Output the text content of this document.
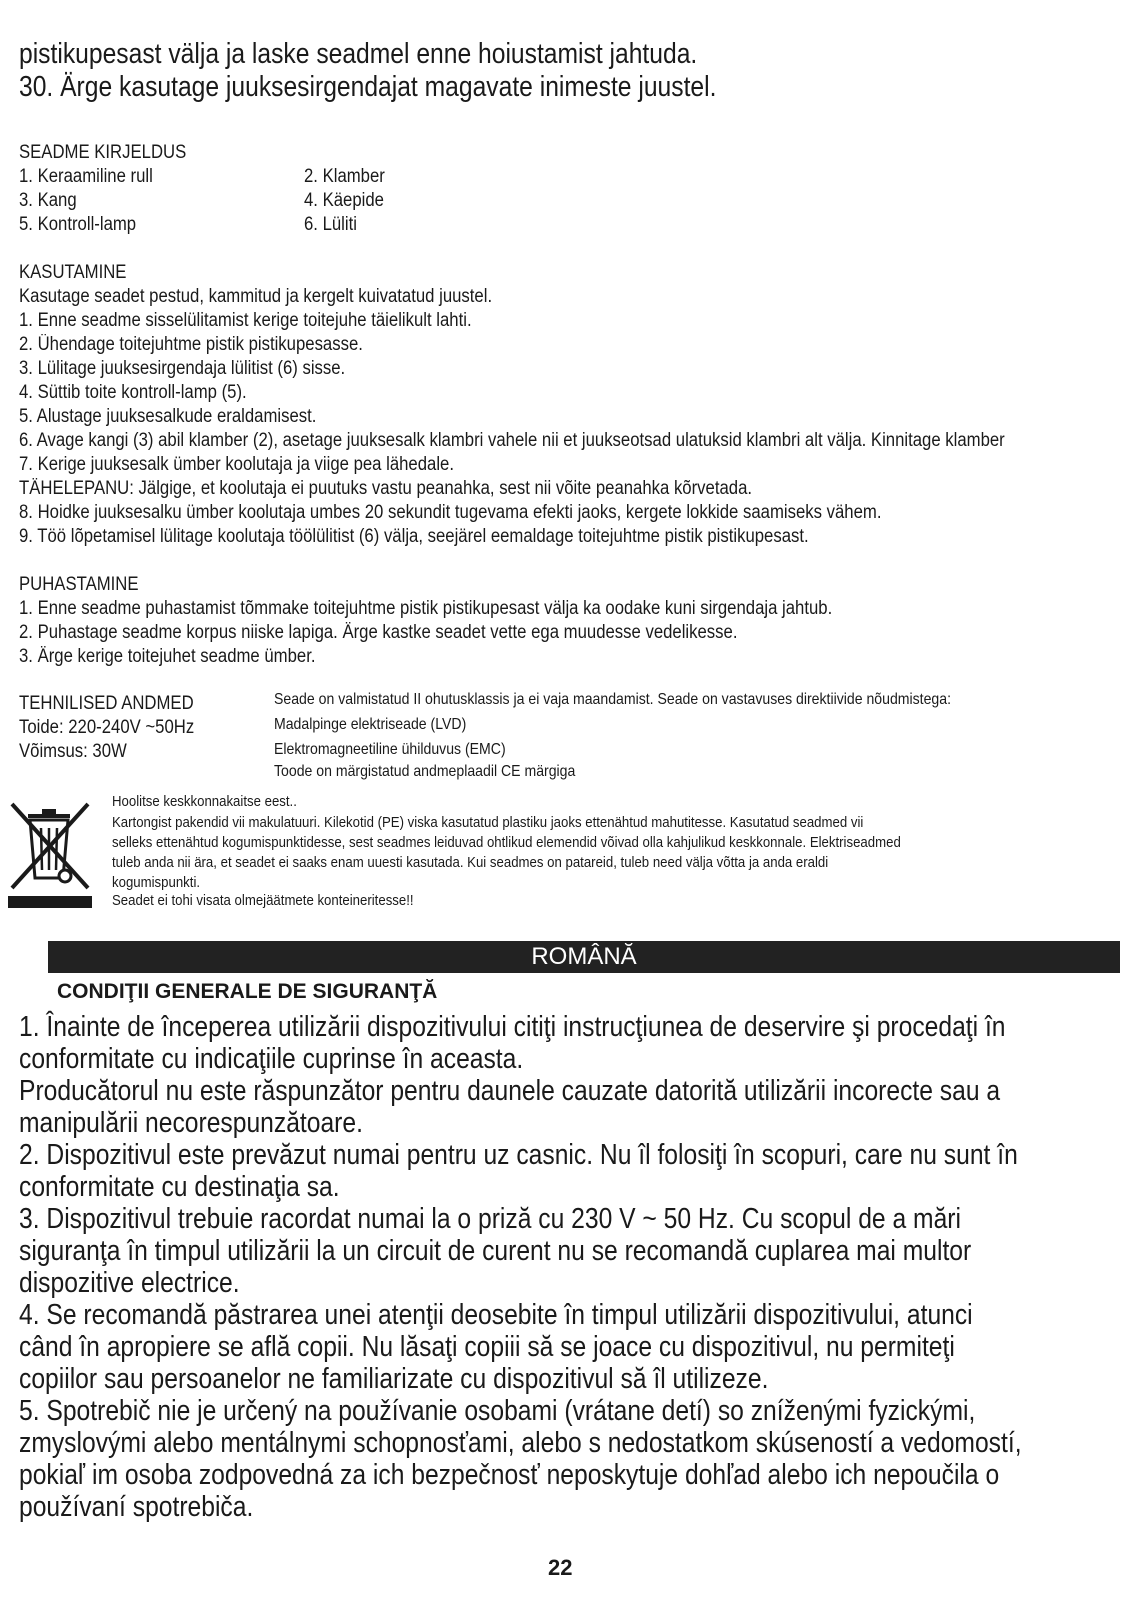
pistikupesast välja ja laske seadmel enne hoiustamist jahtuda.
30. Ärge kasutage juuksesirgendajat magavate inimeste juustel.
SEADME KIRJELDUS
1. Keraamiline rull
3. Kang
5. Kontroll-lamp
2. Klamber
4. Käepide
6. Lüliti
KASUTAMINE
Kasutage seadet pestud, kammitud ja kergelt kuivatatud juustel.
1. Enne seadme sisselülitamist kerige toitejuhe täielikult lahti.
2. Ühendage toitejuhtme pistik pistikupesasse.
3. Lülitage juuksesirgendaja lülitist (6) sisse.
4. Süttib toite kontroll-lamp (5).
5. Alustage juuksesalkude eraldamisest.
6. Avage kangi (3) abil klamber (2), asetage juuksesalk klambri vahele nii et juukseotsad ulatuksid klambri alt välja. Kinnitage klamber
7. Kerige juuksesalk ümber koolutaja ja viige pea lähedale.
TÄHELEPANU: Jälgige, et koolutaja ei puutuks vastu peanahka, sest nii võite peanahka kõrvetada.
8. Hoidke juuksesalku ümber koolutaja umbes 20 sekundit tugevama efekti jaoks, kergete lokkide saamiseks vähem.
9. Töö lõpetamisel lülitage koolutaja töölülitist (6) välja, seejärel eemaldage toitejuhtme pistik pistikupesast.
PUHASTAMINE
1. Enne seadme puhastamist tõmmake toitejuhtme pistik pistikupesast välja ka oodake kuni sirgendaja jahtub.
2. Puhastage seadme korpus niiske lapiga. Ärge kastke seadet vette ega muudesse vedelikesse.
3. Ärge kerige toitejuhet seadme ümber.
TEHNILISED ANDMED
Toide: 220-240V ~50Hz
Võimsus: 30W
Seade on valmistatud II ohutusklassis ja ei vaja maandamist. Seade on vastavuses direktiivide nõudmistega:
Madalpinge elektriseade (LVD)
Elektromagneetiline ühilduvus (EMC)
Toode on märgistatud andmeplaadil CE märgiga
Hoolitse keskkonnakaitse eest..
Kartongist pakendid vii makulatuuri. Kilekotid (PE) viska kasutatud plastiku jaoks ettenähtud mahutitesse. Kasutatud seadmed vii
selleks ettenähtud kogumispunktidesse, sest seadmes leiduvad ohtlikud elemendid võivad olla kahjulikud keskkonnale. Elektriseadmed
tuleb anda nii ära, et seadet ei saaks enam uuesti kasutada. Kui seadmes on patareid, tuleb need välja võtta ja anda eraldi
kogumispunkti.
Seadet ei tohi visata olmejäätmete konteineritesse!!
ROMÂNĂ
CONDIŢII GENERALE DE SIGURANŢĂ
1. Înainte de începerea utilizării dispozitivului citiţi instrucţiunea de deservire şi procedaţi în
conformitate cu indicaţiile cuprinse în aceasta.
Producătorul nu este răspunzător pentru daunele cauzate datorită utilizării incorecte sau a
manipulării necorespunzătoare.
2. Dispozitivul este prevăzut numai pentru uz casnic. Nu îl folosiţi în scopuri, care nu sunt în
conformitate cu destinaţia sa.
3. Dispozitivul trebuie racordat numai la o priză cu 230 V ~ 50 Hz. Cu scopul de a mări
siguranţa în timpul utilizării la un circuit de curent nu se recomandă cuplarea mai multor
dispozitive electrice.
4. Se recomandă păstrarea unei atenţii deosebite în timpul utilizării dispozitivului, atunci
când în apropiere se află copii. Nu lăsaţi copiii să se joace cu dispozitivul, nu permiteţi
copiilor sau persoanelor ne familiarizate cu dispozitivul să îl utilizeze.
5. Spotrebič nie je určený na používanie osobami (vrátane detí) so zníženými fyzickými,
zmyslovými alebo mentálnymi schopnosťami, alebo s nedostatkom skúseností a vedomostí,
pokiaľ im osoba zodpovedná za ich bezpečnosť neposkytuje dohľad alebo ich nepoučila o
používaní spotrebiča.
22
